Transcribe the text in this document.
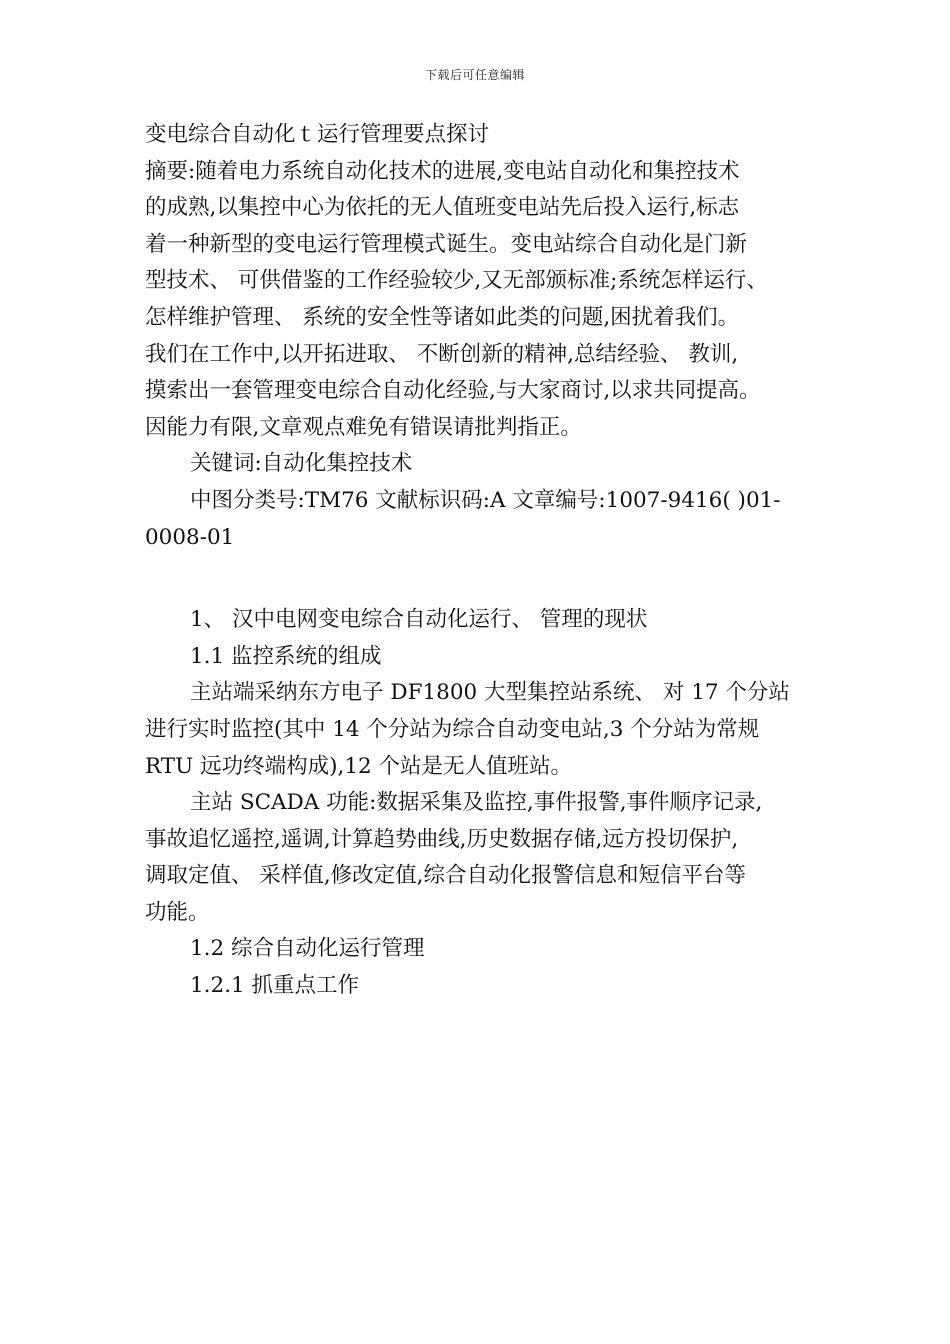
下载后可任意编辑
变电综合自动化ｔ运行管理要点探讨
摘要:随着电力系统自动化技术的进展,变电站自动化和集控技术
的成熟,以集控中心为依托的无人值班变电站先后投入运行,标志
着一种新型的变电运行管理模式诞生。变电站综合自动化是门新
型技术、 可供借鉴的工作经验较少,又无部颁标准;系统怎样运行、
怎样维护管理、 系统的安全性等诸如此类的问题,困扰着我们。
我们在工作中,以开拓进取、 不断创新的精神,总结经验、 教训,
摸索出一套管理变电综合自动化经验,与大家商讨,以求共同提高。
因能力有限,文章观点难免有错误请批判指正。
关键词:自动化集控技术
中图分类号:TM76 文献标识码:A 文章编号:1007-9416( )01-
0008-01
1、 汉中电网变电综合自动化运行、 管理的现状
1.1 监控系统的组成
主站端采纳东方电子 DF1800 大型集控站系统、 对 17 个分站
进行实时监控(其中 14 个分站为综合自动变电站,3 个分站为常规
RTU 远功终端构成),12 个站是无人值班站。
主站 SCADA 功能:数据采集及监控,事件报警,事件顺序记录,
事故追忆遥控,遥调,计算趋势曲线,历史数据存储,远方投切保护,
调取定值、 采样值,修改定值,综合自动化报警信息和短信平台等
功能。
1.2 综合自动化运行管理
1.2.1 抓重点工作
